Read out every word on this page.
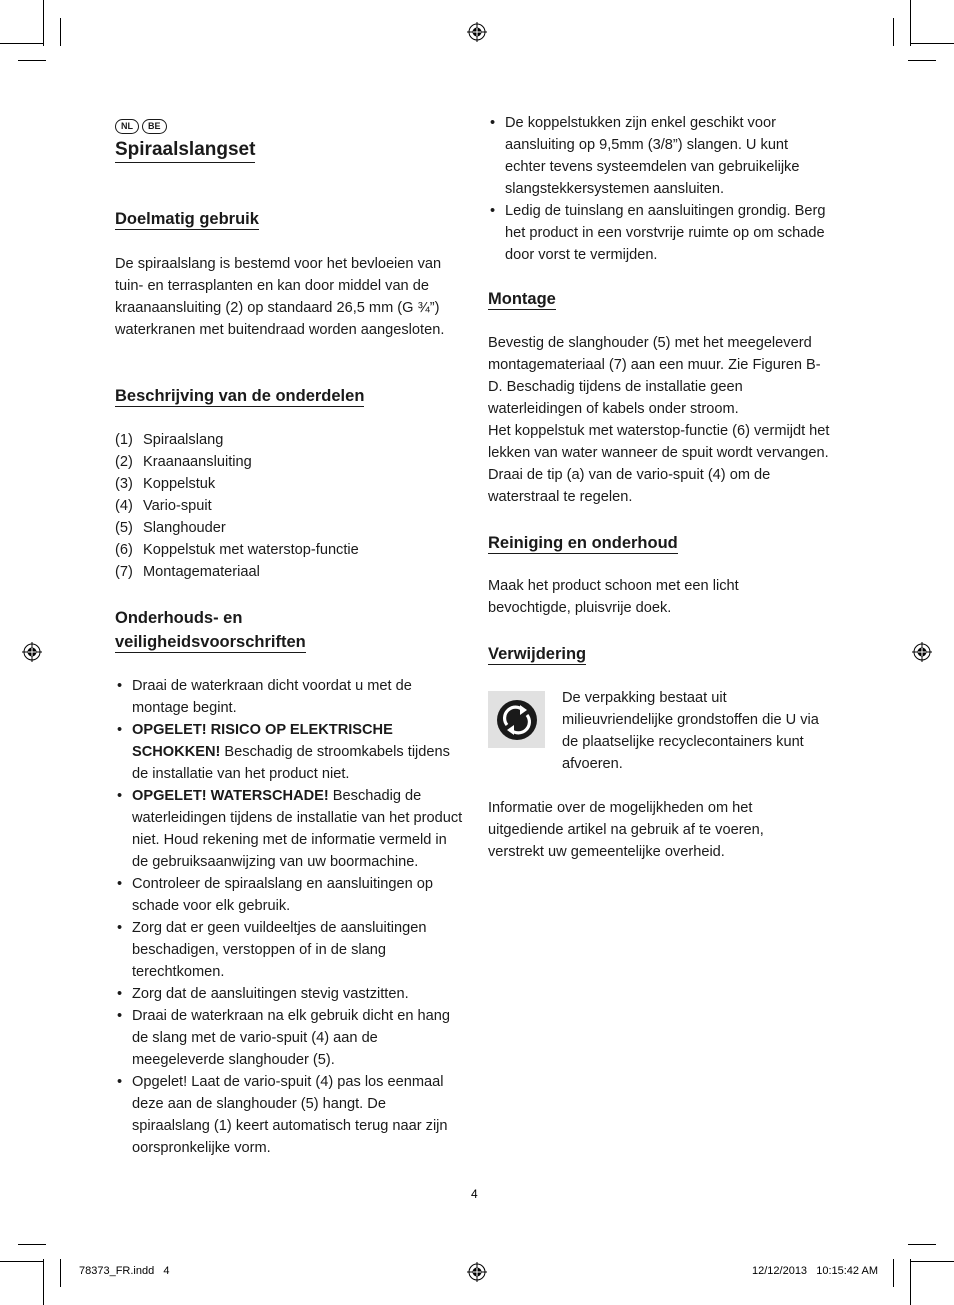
NL BE
Spiraalslangset
Doelmatig gebruik

De spiraalslang is bestemd voor het bevloeien van tuin- en terrasplanten en kan door middel van de kraanaansluiting (2) op standaard 26,5 mm (G ¾”) waterkranen met buitendraad worden aangesloten.

Beschrijving van de onderdelen
(1) Spiraalslang
(2) Kraanaansluiting
(3) Koppelstuk
(4) Vario-spuit
(5) Slanghouder
(6) Koppelstuk met waterstop-functie
(7) Montagemateriaal
Onderhouds- en
veiligheidsvoorschriften
• Draai de waterkraan dicht voordat u met de montage begint.
• OPGELET! RISICO OP ELEKTRISCHE SCHOKKEN! Beschadig de stroomkabels tijdens de installatie van het product niet.
• OPGELET! WATERSCHADE! Beschadig de waterleidingen tijdens de installatie van het product niet. Houd rekening met de informatie vermeld in de gebruiksaanwijzing van uw boormachine.
• Controleer de spiraalslang en aansluitingen op schade voor elk gebruik.
• Zorg dat er geen vuildeeltjes de aansluitingen beschadigen, verstoppen of in de slang terechtkomen.
• Zorg dat de aansluitingen stevig vastzitten.
• Draai de waterkraan na elk gebruik dicht en hang de slang met de vario-spuit (4) aan de meegeleverde slanghouder (5).
• Opgelet! Laat de vario-spuit (4) pas los eenmaal deze aan de slanghouder (5) hangt. De spiraalslang (1) keert automatisch terug naar zijn oorspronkelijke vorm.
• De koppelstukken zijn enkel geschikt voor aansluiting op 9,5mm (3/8”) slangen. U kunt echter tevens systeemdelen van gebruikelijke slangstekkersystemen aansluiten.
• Ledig de tuinslang en aansluitingen grondig. Berg het product in een vorstvrije ruimte op om schade door vorst te vermijden.
Montage

Bevestig de slanghouder (5) met het meegeleverd montagemateriaal (7) aan een muur. Zie Figuren B-D. Beschadig tijdens de installatie geen waterleidingen of kabels onder stroom.

Het koppelstuk met waterstop-functie (6) vermijdt het lekken van water wanneer de spuit wordt vervangen. Draai de tip (a) van de vario-spuit (4) om de waterstraal te regelen.

Reiniging en onderhoud

Maak het product schoon met een licht bevochtigde, pluisvrije doek.

Verwijdering

De verpakking bestaat uit milieuvriendelijke grondstoffen die U via de plaatselijke recyclecontainers kunt afvoeren.

Informatie over de mogelijkheden om het uitgediende artikel na gebruik af te voeren, verstrekt uw gemeentelijke overheid.

4
78373_FR.indd   4	12/12/2013   10:15:42 AM
